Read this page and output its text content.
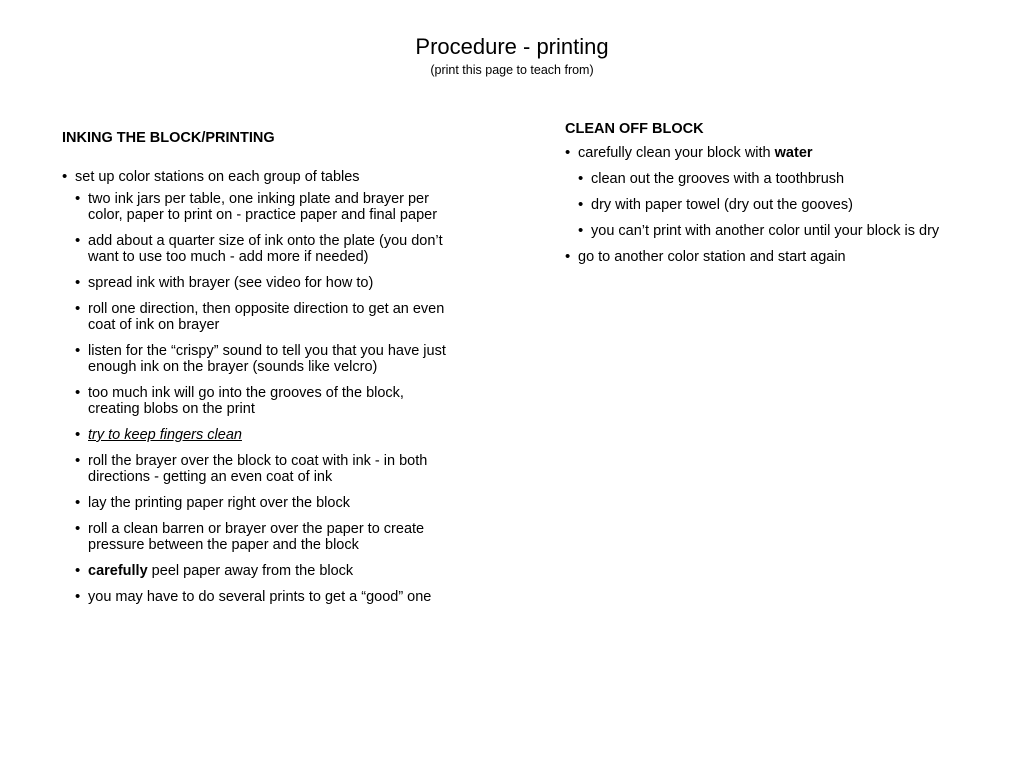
Procedure - printing
(print this page to teach from)

INKING THE BLOCK/PRINTING

• set up color stations on each group of tables
• two ink jars per table, one inking plate and brayer per color, paper to print on - practice paper and final paper
• add about a quarter size of ink onto the plate (you don’t want to use too much - add more if needed)
• spread ink with brayer (see video for how to)
• roll one direction, then opposite direction to get an even coat of ink on brayer
• listen for the “crispy” sound to tell you that you have just enough ink on the brayer (sounds like velcro)
• too much ink will go into the grooves of the block, creating blobs on the print
• try to keep fingers clean
• roll the brayer over the block to coat with ink - in both directions - getting an even coat of ink
• lay the printing paper right over the block
• roll a clean barren or brayer over the paper to create pressure between the paper and the block
• carefully peel paper away from the block
• you may have to do several prints to get a “good” one

CLEAN OFF BLOCK

• carefully clean your block with water
• clean out the grooves with a toothbrush
• dry with paper towel (dry out the gooves)
• you can’t print with another color until your block is dry
• go to another color station and start again
